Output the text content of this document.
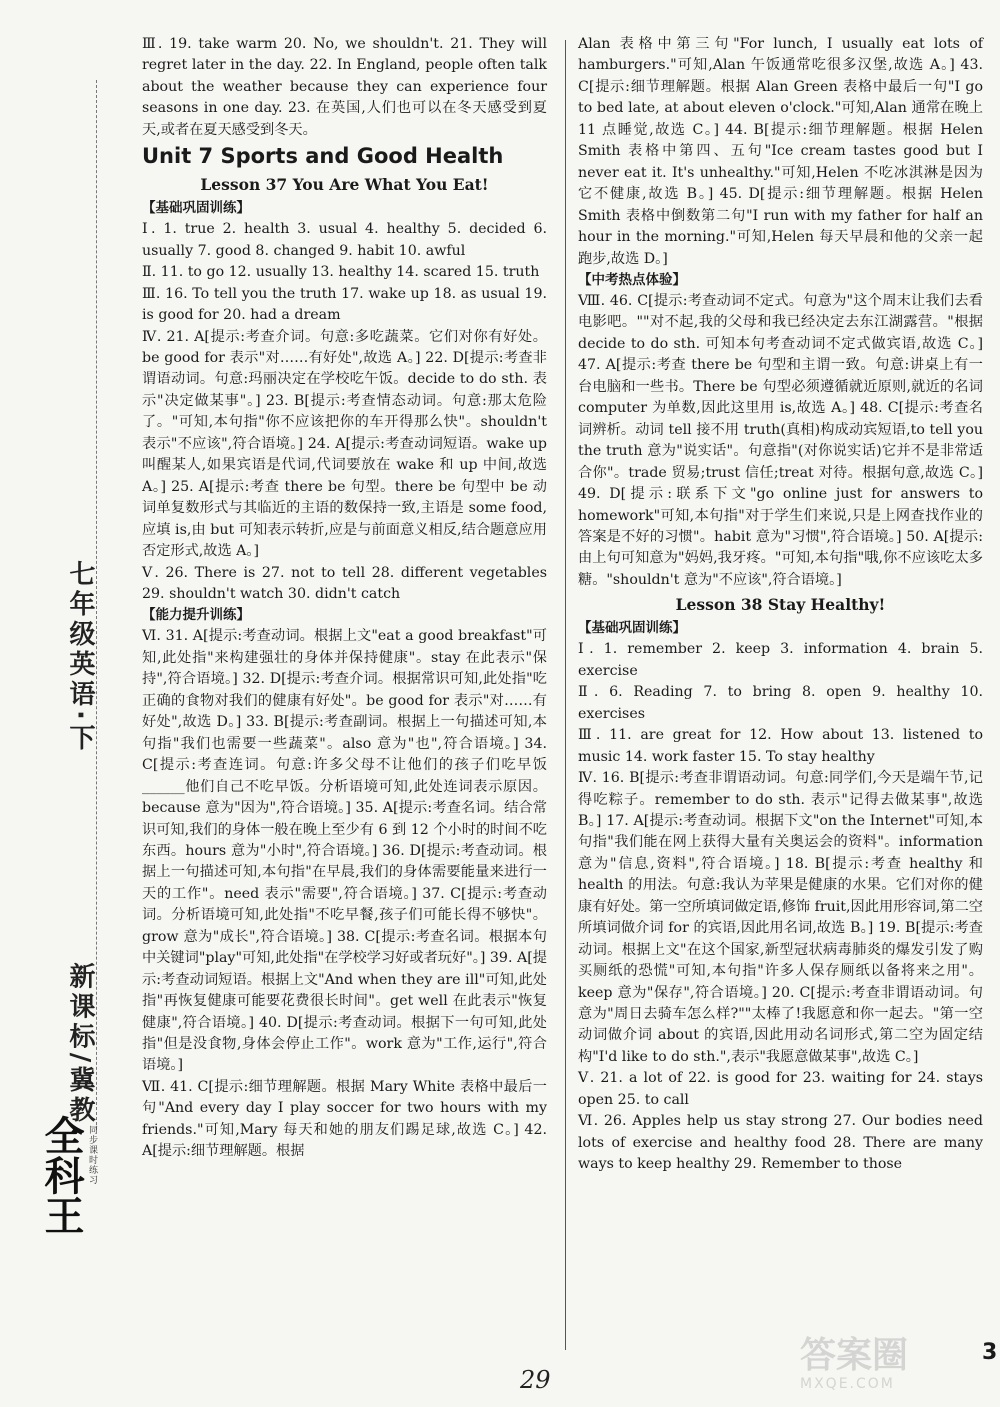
七年级英语·下                新课标/冀教
全科王 同步课时练习

Ⅲ. 19. take warm 20. No, we shouldn't. 21. They will regret later in the day. 22. In England, people often talk about the weather because they can experience four seasons in one day. 23. 在英国,人们也可以在冬天感受到夏天,或者在夏天感受到冬天。

Unit 7 Sports and Good Health
Lesson 37 You Are What You Eat!
【基础巩固训练】

Ⅰ. 1. true 2. health 3. usual 4. healthy 5. decided 6. usually 7. good 8. changed 9. habit 10. awful

Ⅱ. 11. to go 12. usually 13. healthy 14. scared 15. truth

Ⅲ. 16. To tell you the truth 17. wake up 18. as usual 19. is good for 20. had a dream

Ⅳ. 21. A[提示:考查介词。句意:多吃蔬菜。它们对你有好处。be good for 表示"对……有好处",故选 A。] 22. D[提示:考查非谓语动词。句意:玛丽决定在学校吃午饭。decide to do sth. 表示"决定做某事"。] 23. B[提示:考查情态动词。句意:那太危险了。"可知,本句指"你不应该把你的车开得那么快"。shouldn't 表示"不应该",符合语境。] 24. A[提示:考查动词短语。wake up 叫醒某人,如果宾语是代词,代词要放在 wake 和 up 中间,故选 A。] 25. A[提示:考查 there be 句型。there be 句型中 be 动词单复数形式与其临近的主语的数保持一致,主语是 some food,应填 is,由 but 可知表示转折,应是与前面意义相反,结合题意应用否定形式,故选 A。]

Ⅴ. 26. There is 27. not to tell 28. different vegetables 29. shouldn't watch 30. didn't catch

【能力提升训练】

Ⅵ. 31. A[提示:考查动词。根据上文"eat a good breakfast"可知,此处指"来构建强壮的身体并保持健康"。stay 在此表示"保持",符合语境。] 32. D[提示:考查介词。根据常识可知,此处指"吃正确的食物对我们的健康有好处"。be good for 表示"对……有好处",故选 D。] 33. B[提示:考查副词。根据上一句描述可知,本句指"我们也需要一些蔬菜"。also 意为"也",符合语境。] 34. C[提示:考查连词。句意:许多父母不让他们的孩子们吃早饭______他们自己不吃早饭。分析语境可知,此处连词表示原因。because 意为"因为",符合语境。] 35. A[提示:考查名词。结合常识可知,我们的身体一般在晚上至少有 6 到 12 个小时的时间不吃东西。hours 意为"小时",符合语境。] 36. D[提示:考查动词。根据上一句描述可知,本句指"在早晨,我们的身体需要能量来进行一天的工作"。need 表示"需要",符合语境。] 37. C[提示:考查动词。分析语境可知,此处指"不吃早餐,孩子们可能长得不够快"。grow 意为"成长",符合语境。] 38. C[提示:考查名词。根据本句中关键词"play"可知,此处指"在学校学习好或者玩好"。] 39. A[提示:考查动词短语。根据上文"And when they are ill"可知,此处指"再恢复健康可能要花费很长时间"。get well 在此表示"恢复健康",符合语境。] 40. D[提示:考查动词。根据下一句可知,此处指"但是没食物,身体会停止工作"。work 意为"工作,运行",符合语境。]

Ⅶ. 41. C[提示:细节理解题。根据 Mary White 表格中最后一句"And every day I play soccer for two hours with my friends."可知,Mary 每天和她的朋友们踢足球,故选 C。] 42. A[提示:细节理解题。根据

Alan 表格中第三句"For lunch, I usually eat lots of hamburgers."可知,Alan 午饭通常吃很多汉堡,故选 A。] 43. C[提示:细节理解题。根据 Alan Green 表格中最后一句"I go to bed late, at about eleven o'clock."可知,Alan 通常在晚上 11 点睡觉,故选 C。] 44. B[提示:细节理解题。根据 Helen Smith 表格中第四、五句"Ice cream tastes good but I never eat it. It's unhealthy."可知,Helen 不吃冰淇淋是因为它不健康,故选 B。] 45. D[提示:细节理解题。根据 Helen Smith 表格中倒数第二句"I run with my father for half an hour in the morning."可知,Helen 每天早晨和他的父亲一起跑步,故选 D。]

【中考热点体验】

Ⅷ. 46. C[提示:考查动词不定式。句意为"这个周末让我们去看电影吧。""对不起,我的父母和我已经决定去东江湖露营。"根据 decide to do sth. 可知本句考查动词不定式做宾语,故选 C。] 47. A[提示:考查 there be 句型和主谓一致。句意:讲桌上有一台电脑和一些书。There be 句型必须遵循就近原则,就近的名词 computer 为单数,因此这里用 is,故选 A。] 48. C[提示:考查名词辨析。动词 tell 接不用 truth(真相)构成动宾短语,to tell you the truth 意为"说实话"。句意指"(对你说实话)它并不是非常适合你"。trade 贸易;trust 信任;treat 对待。根据句意,故选 C。] 49. D[提示:联系下文"go online just for answers to homework"可知,本句指"对于学生们来说,只是上网查找作业的答案是不好的习惯"。habit 意为"习惯",符合语境。] 50. A[提示:由上句可知意为"妈妈,我牙疼。"可知,本句指"哦,你不应该吃太多糖。"shouldn't 意为"不应该",符合语境。]

Lesson 38 Stay Healthy!
【基础巩固训练】

Ⅰ. 1. remember 2. keep 3. information 4. brain 5. exercise

Ⅱ. 6. Reading 7. to bring 8. open 9. healthy 10. exercises

Ⅲ. 11. are great for 12. How about 13. listened to music 14. work faster 15. To stay healthy

Ⅳ. 16. B[提示:考查非谓语动词。句意:同学们,今天是端午节,记得吃粽子。remember to do sth. 表示"记得去做某事",故选 B。] 17. A[提示:考查动词。根据下文"on the Internet"可知,本句指"我们能在网上获得大量有关奥运会的资料"。information 意为"信息,资料",符合语境。] 18. B[提示:考查 healthy 和 health 的用法。句意:我认为苹果是健康的水果。它们对你的健康有好处。第一空所填词做定语,修饰 fruit,因此用形容词,第二空所填词做介词 for 的宾语,因此用名词,故选 B。] 19. B[提示:考查动词。根据上文"在这个国家,新型冠状病毒肺炎的爆发引发了购买厕纸的恐慌"可知,本句指"许多人保存厕纸以备将来之用"。keep 意为"保存",符合语境。] 20. C[提示:考查非谓语动词。句意为"周日去骑车怎么样?""太棒了!我愿意和你一起去。"第一空动词做介词 about 的宾语,因此用动名词形式,第二空为固定结构"I'd like to do sth.",表示"我愿意做某事",故选 C。]

Ⅴ. 21. a lot of 22. is good for 23. waiting for 24. stays open 25. to call

Ⅵ. 26. Apples help us stay strong 27. Our bodies need lots of exercise and healthy food 28. There are many ways to keep healthy 29. Remember to those

答案圈
MXQE.COM
29
3
